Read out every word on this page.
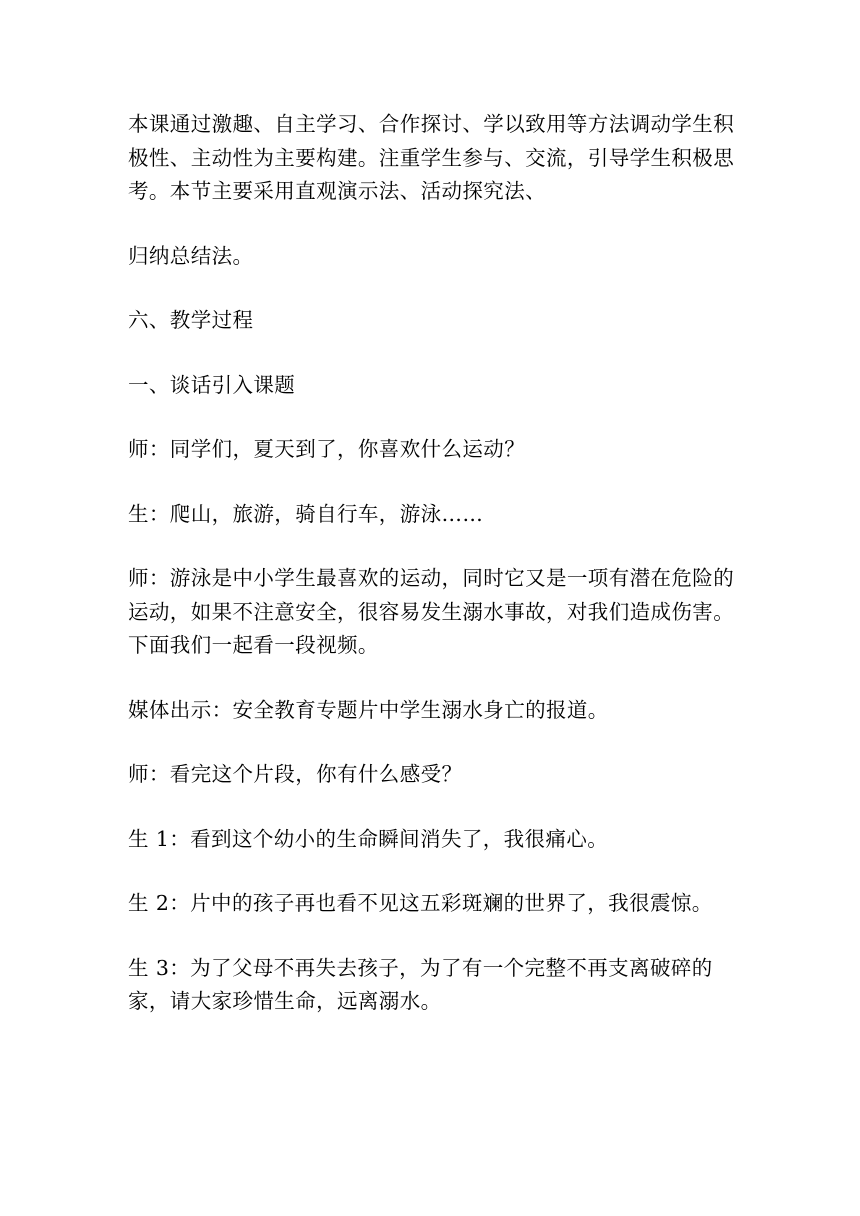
本课通过激趣、自主学习、合作探讨、学以致用等方法调动学生积极性、主动性为主要构建。注重学生参与、交流，引导学生积极思考。本节主要采用直观演示法、活动探究法、

归纳总结法。

六、教学过程

一、谈话引入课题

师：同学们，夏天到了，你喜欢什么运动？

生：爬山，旅游，骑自行车，游泳……

师：游泳是中小学生最喜欢的运动，同时它又是一项有潜在危险的运动，如果不注意安全，很容易发生溺水事故，对我们造成伤害。下面我们一起看一段视频。

媒体出示：安全教育专题片中学生溺水身亡的报道。

师：看完这个片段，你有什么感受？

生 1：看到这个幼小的生命瞬间消失了，我很痛心。

生 2：片中的孩子再也看不见这五彩斑斓的世界了，我很震惊。

生 3：为了父母不再失去孩子，为了有一个完整不再支离破碎的家，请大家珍惜生命，远离溺水。
